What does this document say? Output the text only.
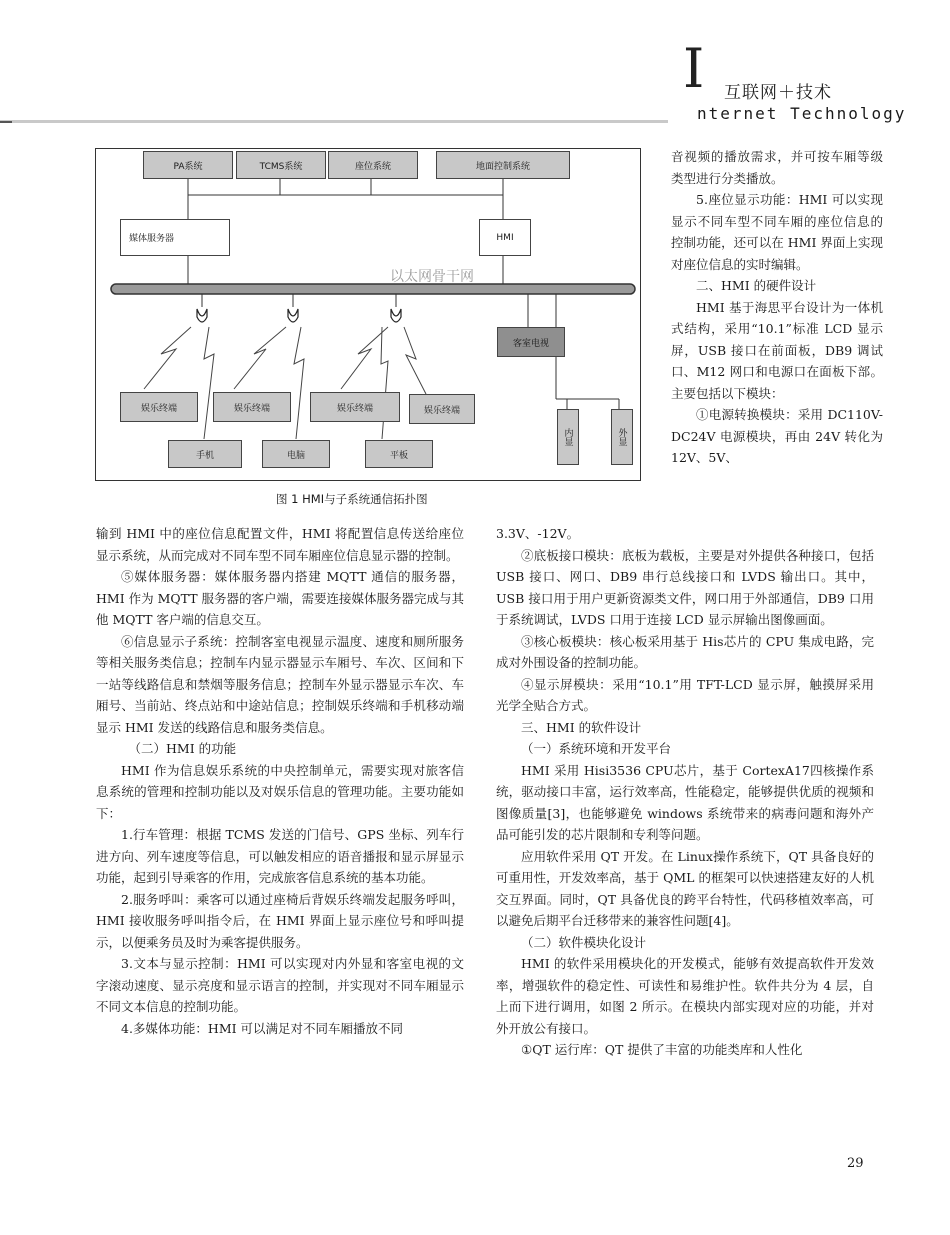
I 互联网＋技术
nternet Technology
PA系统	TCMS系统	座位系统	地面控制系统
媒体服务器	HMI
客室电视
娱乐终端	娱乐终端	娱乐终端	娱乐终端
手机	电脑	平板
内显	外显
以太网骨干网
图 1 HMI与子系统通信拓扑图

音视频的播放需求，并可按车厢等级类型进行分类播放。

5.座位显示功能：HMI 可以实现显示不同车型不同车厢的座位信息的控制功能，还可以在 HMI 界面上实现对座位信息的实时编辑。

二、HMI 的硬件设计

HMI 基于海思平台设计为一体机式结构，采用“10.1”标准 LCD 显示屏，USB 接口在前面板，DB9 调试口、M12 网口和电源口在面板下部。主要包括以下模块：

①电源转换模块：采用 DC110V-DC24V 电源模块，再由 24V 转化为 12V、5V、

输到 HMI 中的座位信息配置文件，HMI 将配置信息传送给座位显示系统，从而完成对不同车型不同车厢座位信息显示器的控制。

⑤媒体服务器：媒体服务器内搭建 MQTT 通信的服务器，HMI 作为 MQTT 服务器的客户端，需要连接媒体服务器完成与其他 MQTT 客户端的信息交互。

⑥信息显示子系统：控制客室电视显示温度、速度和厕所服务等相关服务类信息；控制车内显示器显示车厢号、车次、区间和下一站等线路信息和禁烟等服务信息；控制车外显示器显示车次、车厢号、当前站、终点站和中途站信息；控制娱乐终端和手机移动端显示 HMI 发送的线路信息和服务类信息。

（二）HMI 的功能

HMI 作为信息娱乐系统的中央控制单元，需要实现对旅客信息系统的管理和控制功能以及对娱乐信息的管理功能。主要功能如下：

1.行车管理：根据 TCMS 发送的门信号、GPS 坐标、列车行进方向、列车速度等信息，可以触发相应的语音播报和显示屏显示功能，起到引导乘客的作用，完成旅客信息系统的基本功能。

2.服务呼叫：乘客可以通过座椅后背娱乐终端发起服务呼叫，HMI 接收服务呼叫指令后，在 HMI 界面上显示座位号和呼叫提示，以便乘务员及时为乘客提供服务。

3.文本与显示控制：HMI 可以实现对内外显和客室电视的文字滚动速度、显示亮度和显示语言的控制，并实现对不同车厢显示 不同文本信息的控制功能。

4.多媒体功能：HMI 可以满足对不同车厢播放不同

3.3V、-12V。

②底板接口模块：底板为载板，主要是对外提供各种接口，包括 USB 接口、网口、DB9 串行总线接口和 LVDS 输出口。其中，USB 接口用于用户更新资源类文件，网口用于外部通信，DB9 口用于系统调试，LVDS 口用于连接 LCD 显示屏输出图像画面。

③核心板模块：核心板采用基于 His芯片的 CPU 集成电路，完成对外围设备的控制功能。

④显示屏模块：采用“10.1”用 TFT-LCD 显示屏，触摸屏采用光学全贴合方式。

三、HMI 的软件设计

（一）系统环境和开发平台

HMI 采用 Hisi3536 CPU芯片，基于 CortexA17四核操作系统，驱动接口丰富，运行效率高，性能稳定，能够提供优质的视频和图像质量[3]，也能够避免 windows 系统带来的病毒问题和海外产品可能引发的芯片限制和专利等问题。

应用软件采用 QT 开发。在 Linux操作系统下，QT 具备良好的可重用性，开发效率高，基于 QML 的框架可以快速搭建友好的人机交互界面。同时，QT 具备优良的跨平台特性，代码移植效率高，可以避免后期平台迁移带来的兼容性问题[4]。

（二）软件模块化设计

HMI 的软件采用模块化的开发模式，能够有效提高软件开发效率，增强软件的稳定性、可读性和易维护性。软件共分为 4 层，自上而下进行调用，如图 2 所示。在模块内部实现对应的功能，并对外开放公有接口。

①QT 运行库：QT 提供了丰富的功能类库和人性化

29
